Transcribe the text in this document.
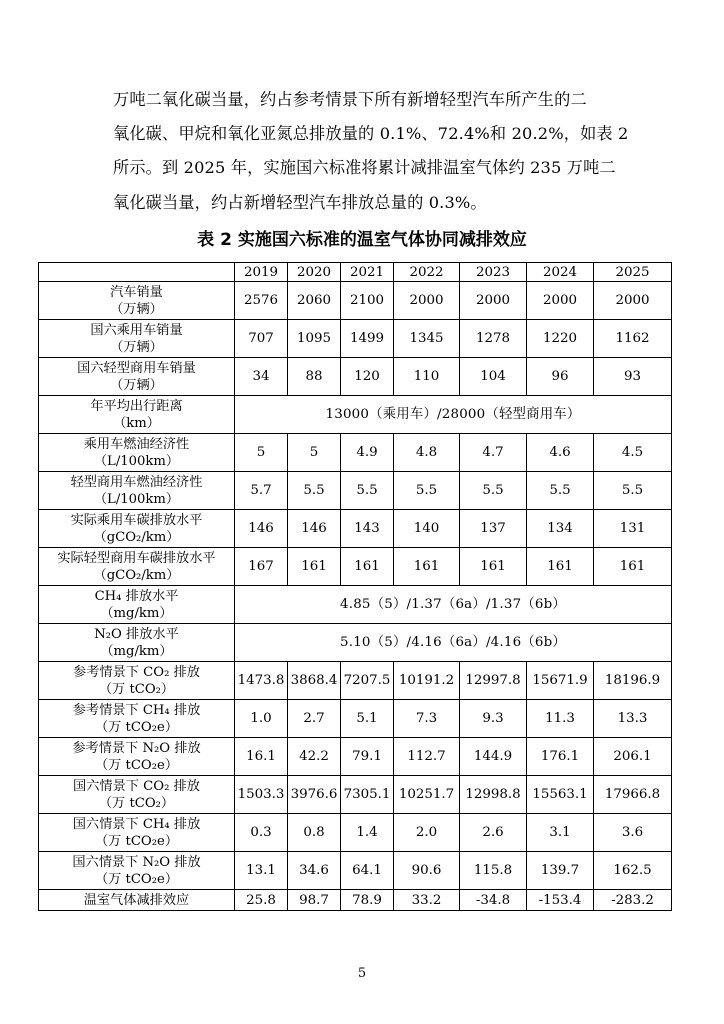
万吨二氧化碳当量，约占参考情景下所有新增轻型汽车所产生的二
氧化碳、甲烷和氧化亚氮总排放量的 0.1%、72.4%和 20.2%，如表 2
所示。到 2025 年，实施国六标准将累计减排温室气体约 235 万吨二
氧化碳当量，约占新增轻型汽车排放总量的 0.3%。
表 2 实施国六标准的温室气体协同减排效应
	2019	2020	2021	2022	2023	2024	2025

汽车销量
（万辆）	2576	2060	2100	2000	2000	2000	2000

国六乘用车销量
（万辆）	707	1095	1499	1345	1278	1220	1162

国六轻型商用车销量
（万辆）	34	88	120	110	104	96	93

年平均出行距离
（km）	13000（乘用车）/28000（轻型商用车）						

乘用车燃油经济性
（L/100km）	5	5	4.9	4.8	4.7	4.6	4.5

轻型商用车燃油经济性
（L/100km）	5.7	5.5	5.5	5.5	5.5	5.5	5.5

实际乘用车碳排放水平
（gCO₂/km）	146	146	143	140	137	134	131

实际轻型商用车碳排放水平
（gCO₂/km）	167	161	161	161	161	161	161

CH₄ 排放水平
（mg/km）	4.85（5）/1.37（6a）/1.37（6b）						

N₂O 排放水平
（mg/km）	5.10（5）/4.16（6a）/4.16（6b）						

参考情景下 CO₂ 排放
（万 tCO₂）	1473.8	3868.4	7207.5	10191.2	12997.8	15671.9	18196.9

参考情景下 CH₄ 排放
（万 tCO₂e）	1.0	2.7	5.1	7.3	9.3	11.3	13.3

参考情景下 N₂O 排放
（万 tCO₂e）	16.1	42.2	79.1	112.7	144.9	176.1	206.1

国六情景下 CO₂ 排放
（万 tCO₂）	1503.3	3976.6	7305.1	10251.7	12998.8	15563.1	17966.8

国六情景下 CH₄ 排放
（万 tCO₂e）	0.3	0.8	1.4	2.0	2.6	3.1	3.6

国六情景下 N₂O 排放
（万 tCO₂e）	13.1	34.6	64.1	90.6	115.8	139.7	162.5

温室气体减排效应	25.8	98.7	78.9	33.2	-34.8	-153.4	-283.2
5
